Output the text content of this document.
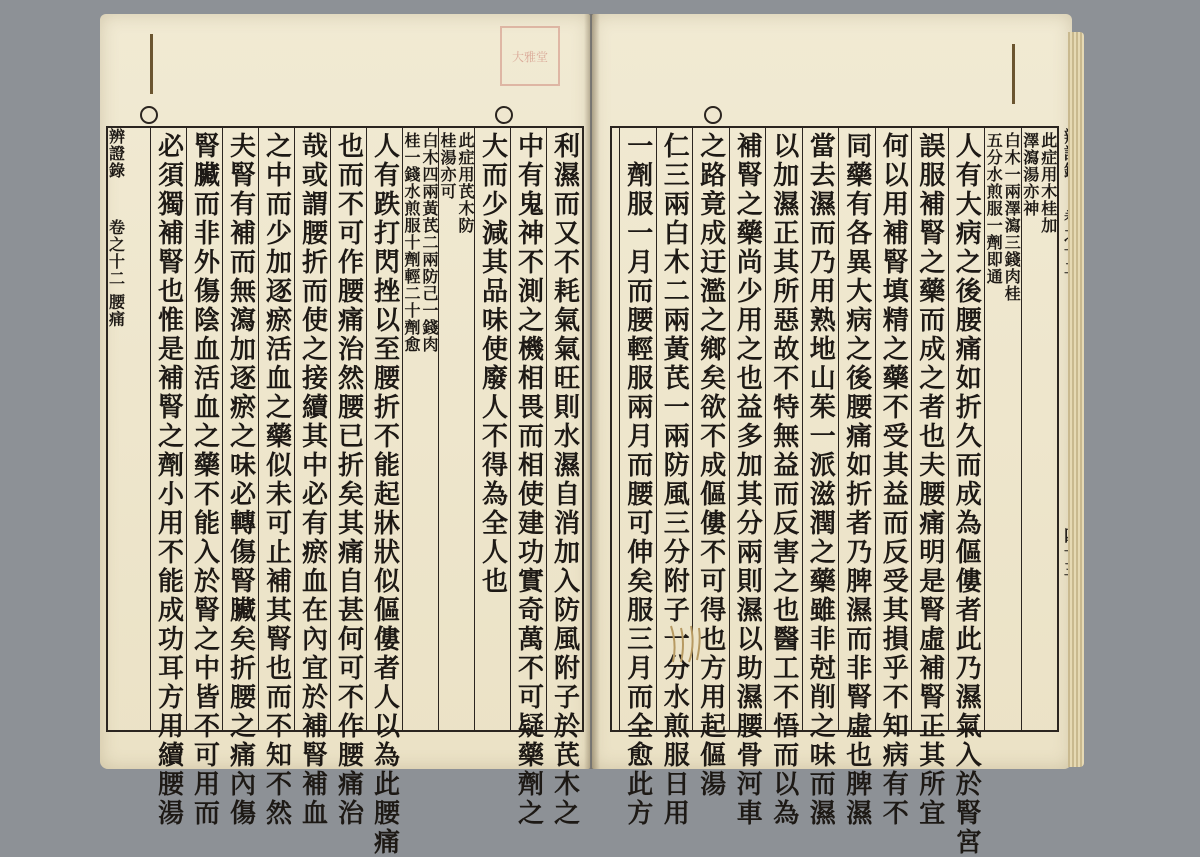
大雅堂
辨證錄
卷之十二 腰痛	利濕而又不耗氣氣旺則水濕自消加入防風附子於芪木之
中有鬼神不測之機相畏而相使建功實奇萬不可疑藥劑之
大而少減其品味使廢人不得為全人也
此症用芪木防
桂湯亦可
白木四兩黃芪二兩防己一錢肉
桂一錢水煎服十劑輕二十劑愈
人有跌打閃挫以至腰折不能起牀狀似傴僂者人以為此腰痛
也而不可作腰痛治然腰已折矣其痛自甚何可不作腰痛治
哉或謂腰折而使之接續其中必有瘀血在內宜於補腎補血
之中而少加逐瘀活血之藥似未可止補其腎也而不知不然
夫腎有補而無瀉加逐瘀之味必轉傷腎臟矣折腰之痛內傷
腎臟而非外傷陰血活血之藥不能入於腎之中皆不可用而
必須獨補腎也惟是補腎之劑小用不能成功耳方用續腰湯	此症用木桂加
澤瀉湯亦神
白木一兩澤瀉三錢肉桂
五分水煎服一劑即通
人有大病之後腰痛如折久而成為傴僂者此乃濕氣入於腎宮
誤服補腎之藥而成之者也夫腰痛明是腎虛補腎正其所宜
何以用補腎填精之藥不受其益而反受其損乎不知病有不
同藥有各異大病之後腰痛如折者乃脾濕而非腎虛也脾濕
當去濕而乃用熟地山茱一派滋潤之藥雖非尅削之味而濕
以加濕正其所惡故不特無益而反害之也醫工不悟而以為
補腎之藥尚少用之也益多加其分兩則濕以助濕腰骨河車
之路竟成迂濫之鄉矣欲不成傴僂不可得也方用起傴湯
仁三兩白木二兩黃芪一兩防風三分附子一分水煎服日用
一劑服一月而腰輕服兩月而腰可伸矣服三月而全愈此方
